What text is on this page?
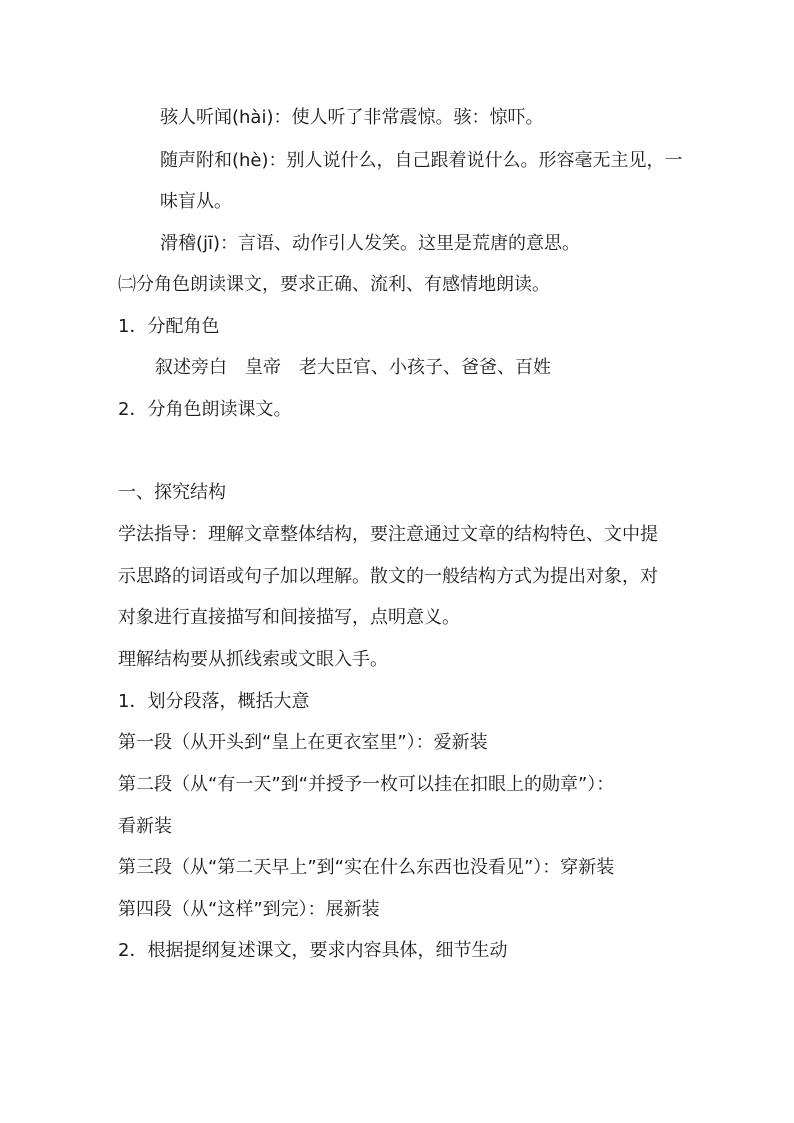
骇人听闻(hài)：使人听了非常震惊。骇：惊吓。
随声附和(hè)：别人说什么，自己跟着说什么。形容毫无主见，一
味盲从。
滑稽(jī)：言语、动作引人发笑。这里是荒唐的意思。
㈡分角色朗读课文，要求正确、流利、有感情地朗读。
1．分配角色
叙述旁白　皇帝　老大臣官、小孩子、爸爸、百姓
2．分角色朗读课文。
一、探究结构
学法指导：理解文章整体结构，要注意通过文章的结构特色、文中提
示思路的词语或句子加以理解。散文的一般结构方式为提出对象，对
对象进行直接描写和间接描写，点明意义。
理解结构要从抓线索或文眼入手。
1．划分段落，概括大意
第一段（从开头到“皇上在更衣室里”）：爱新装
第二段（从“有一天”到“并授予一枚可以挂在扣眼上的勋章”）：
看新装
第三段（从“第二天早上”到“实在什么东西也没看见”）：穿新装
第四段（从“这样”到完）：展新装
2．根据提纲复述课文，要求内容具体，细节生动
